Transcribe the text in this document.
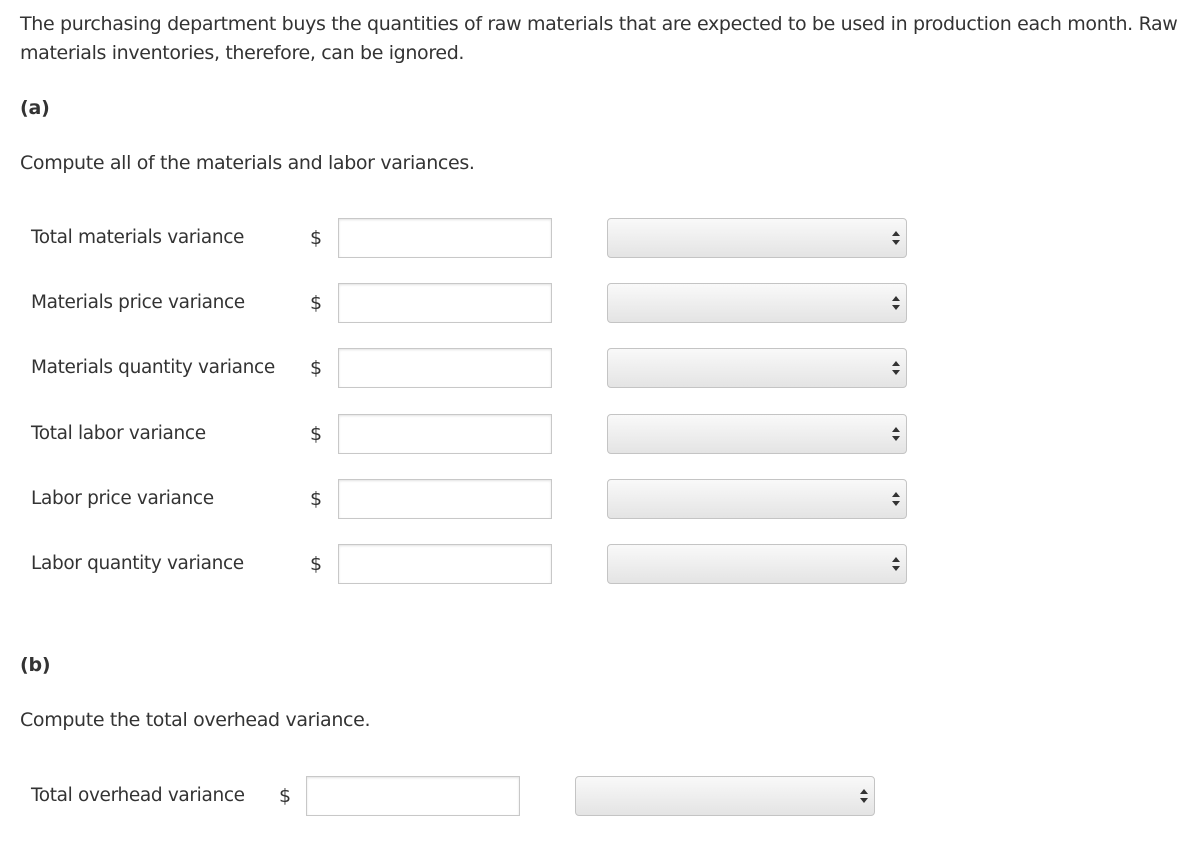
The purchasing department buys the quantities of raw materials that are expected to be used in production each month. Raw materials inventories, therefore, can be ignored.

(a)

Compute all of the materials and labor variances.

Total materials variance	$
Materials price variance	$
Materials quantity variance $
Total labor variance	$
Labor price variance	$
Labor quantity variance	$

(b)

Compute the total overhead variance.

Total overhead variance $
